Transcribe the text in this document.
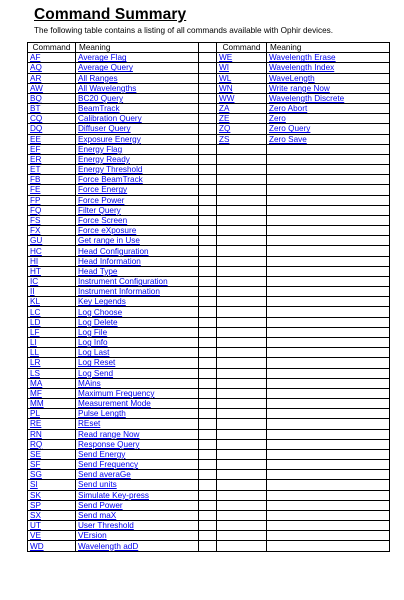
Command Summary
The following table contains a listing of all commands available with Ophir devices.
Command	Meaning		Command	Meaning
AF	Average Flag		WE	Wavelength Erase
AQ	Average Query		WI	Wavelength Index
AR	All Ranges		WL	WaveLength
AW	All Wavelengths		WN	Write range Now
BQ	BC20 Query		WW	Wavelength Discrete
BT	BeamTrack		ZA	Zero Abort
CQ	Calibration Query		ZE	Zero
DQ	Diffuser Query		ZQ	Zero Query
EE	Exposure Energy		ZS	Zero Save
EF	Energy Flag			
ER	Energy Ready			
ET	Energy Threshold			
FB	Force BeamTrack			
FE	Force Energy			
FP	Force Power			
FQ	Filter Query			
FS	Force Screen			
FX	Force eXposure			
GU	Get range in Use			
HC	Head Configuration			
HI	Head Information			
HT	Head Type			
IC	Instrument Configuration			
II	Instrument Information			
KL	Key Legends			
LC	Log Choose			
LD	Log Delete			
LF	Log File			
LI	Log Info			
LL	Log Last			
LR	Log Reset			
LS	Log Send			
MA	MAins			
MF	Maximum Frequency			
MM	Measurement Mode			
PL	Pulse Length			
RE	REset			
RN	Read range Now			
RQ	Response Query			
SE	Send Energy			
SF	Send Frequency			
SG	Send averaGe			
SI	Send units			
SK	Simulate Key-press			
SP	Send Power			
SX	Send maX			
UT	User Threshold			
VE	VErsion			
WD	Wavelength adD			
